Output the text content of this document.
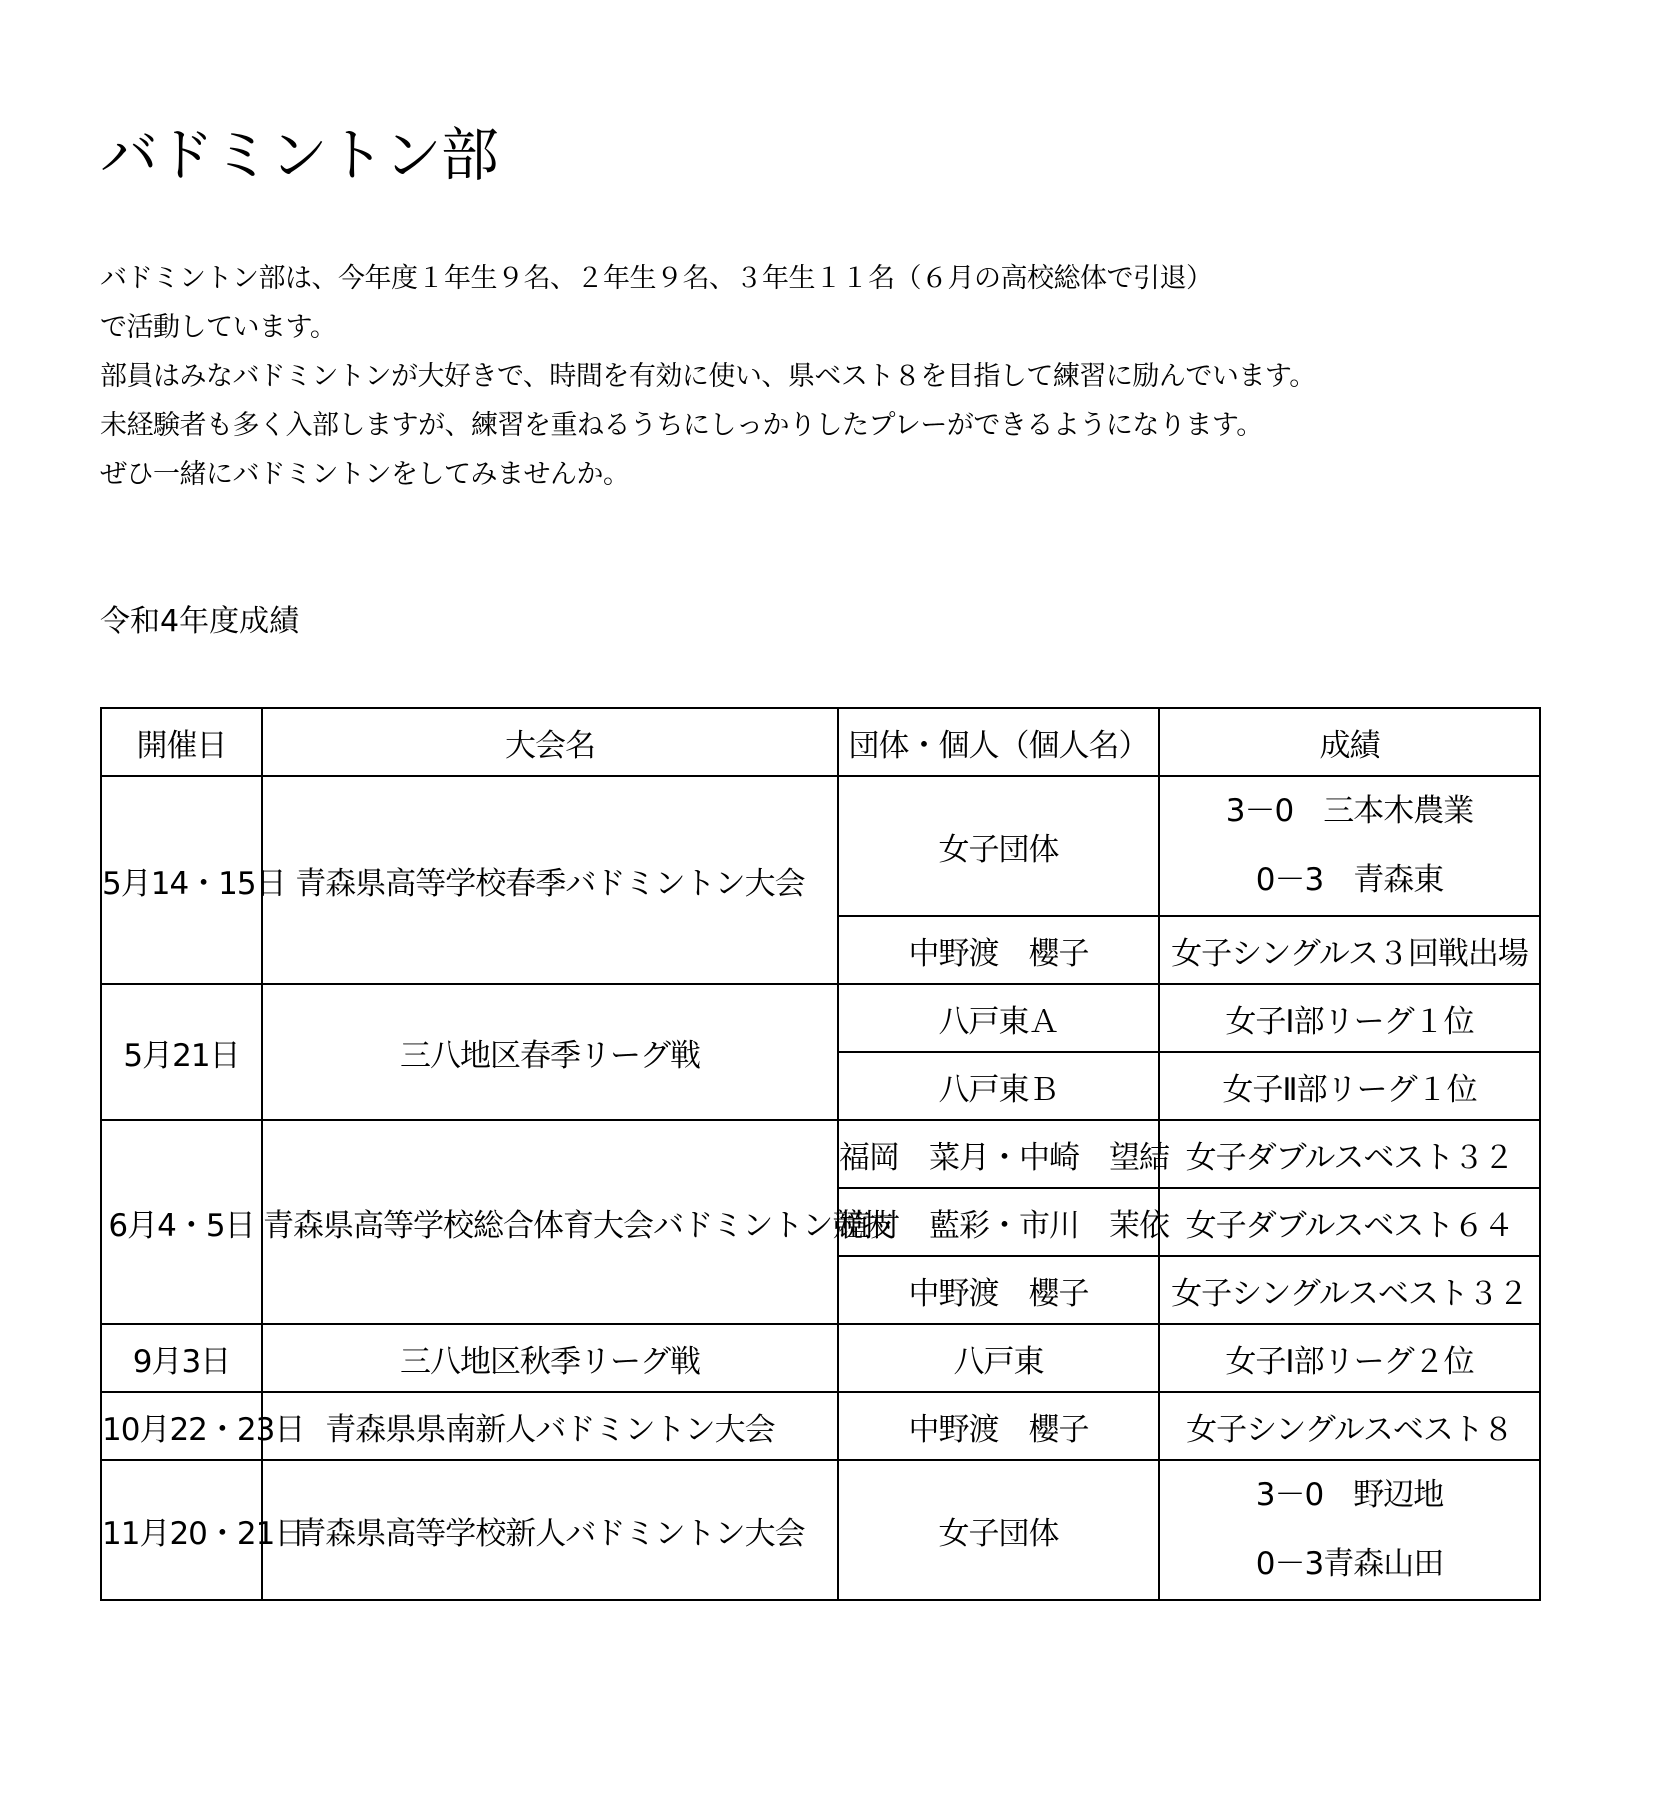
バドミントン部

バドミントン部は、今年度１年生９名、２年生９名、３年生１１名（６月の高校総体で引退）

で活動しています。

部員はみなバドミントンが大好きで、時間を有効に使い、県ベスト８を目指して練習に励んでいます。

未経験者も多く入部しますが、練習を重ねるうちにしっかりしたプレーができるようになります。

ぜひ一緒にバドミントンをしてみませんか。

令和4年度成績
開催日	大会名	団体・個人（個人名）	成績
5月14・15日	青森県高等学校春季バドミントン大会	女子団体	3－0　三本木農業
0－3　青森東

		中野渡　櫻子	女子シングルス３回戦出場
5月21日	三八地区春季リーグ戦	八戸東Ａ	女子Ⅰ部リーグ１位
		八戸東Ｂ	女子Ⅱ部リーグ１位
6月4・5日	青森県高等学校総合体育大会バドミントン競技	福岡　菜月・中崎　望結	女子ダブルスベスト３２
		植村　藍彩・市川　茉依	女子ダブルスベスト６４
		中野渡　櫻子	女子シングルスベスト３２
9月3日	三八地区秋季リーグ戦	八戸東	女子Ⅰ部リーグ２位
10月22・23日	青森県県南新人バドミントン大会	中野渡　櫻子	女子シングルスベスト８
11月20・21日	青森県高等学校新人バドミントン大会	女子団体	3－0　野辺地
0－3青森山田
